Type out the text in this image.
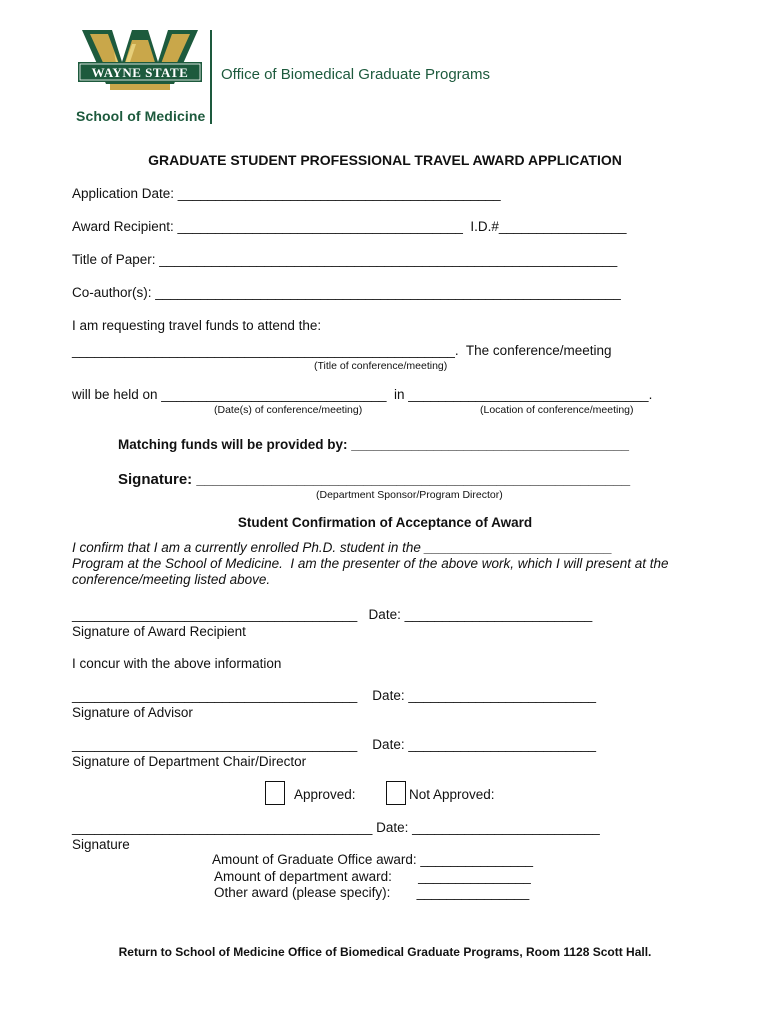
WAYNE STATE
School of Medicine
Office of Biomedical Graduate Programs
GRADUATE STUDENT PROFESSIONAL TRAVEL AWARD APPLICATION
Application Date: ___________________________________________
Award Recipient: ______________________________________  I.D.#_________________
Title of Paper: _____________________________________________________________
Co-author(s): ______________________________________________________________
I am requesting travel funds to attend the:
___________________________________________________.  The conference/meeting
(Title of conference/meeting)
will be held on ______________________________  in ________________________________.
(Date(s) of conference/meeting)	(Location of conference/meeting)
Matching funds will be provided by: _____________________________________
Signature: ____________________________________________________
(Department Sponsor/Program Director)
Student Confirmation of Acceptance of Award
I confirm that I am a currently enrolled Ph.D. student in the _________________________
Program at the School of Medicine.  I am the presenter of the above work, which I will present at the
conference/meeting listed above.
______________________________________   Date: _________________________
Signature of Award Recipient
I concur with the above information
______________________________________    Date: _________________________
Signature of Advisor
______________________________________    Date: _________________________
Signature of Department Chair/Director
Approved:	Not Approved:
________________________________________ Date: _________________________
Signature
Amount of Graduate Office award: _______________
Amount of department award:       _______________
Other award (please specify):       _______________
Return to School of Medicine Office of Biomedical Graduate Programs, Room 1128 Scott Hall.
